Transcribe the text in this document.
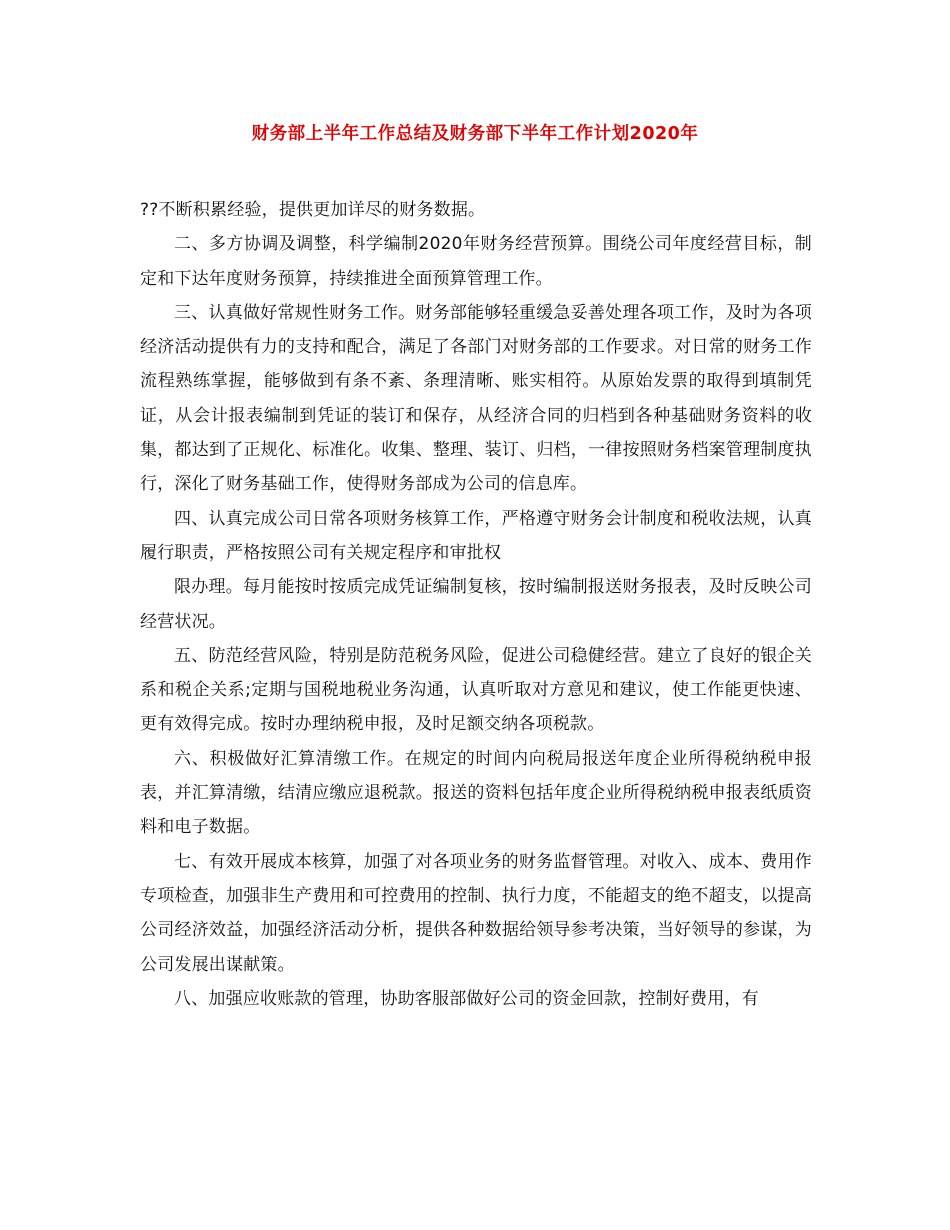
财务部上半年工作总结及财务部下半年工作计划2020年

??不断积累经验，提供更加详尽的财务数据。

二、多方协调及调整，科学编制2020年财务经营预算。围绕公司年度经营目标，制定和下达年度财务预算，持续推进全面预算管理工作。

三、认真做好常规性财务工作。财务部能够轻重缓急妥善处理各项工作，及时为各项经济活动提供有力的支持和配合，满足了各部门对财务部的工作要求。对日常的财务工作流程熟练掌握，能够做到有条不紊、条理清晰、账实相符。从原始发票的取得到填制凭证，从会计报表编制到凭证的装订和保存，从经济合同的归档到各种基础财务资料的收集，都达到了正规化、标准化。收集、整理、装订、归档，一律按照财务档案管理制度执行，深化了财务基础工作，使得财务部成为公司的信息库。

四、认真完成公司日常各项财务核算工作，严格遵守财务会计制度和税收法规，认真履行职责，严格按照公司有关规定程序和审批权

限办理。每月能按时按质完成凭证编制复核，按时编制报送财务报表，及时反映公司经营状况。

五、防范经营风险，特别是防范税务风险，促进公司稳健经营。建立了良好的银企关系和税企关系;定期与国税地税业务沟通，认真听取对方意见和建议，使工作能更快速、更有效得完成。按时办理纳税申报，及时足额交纳各项税款。

六、积极做好汇算清缴工作。在规定的时间内向税局报送年度企业所得税纳税申报表，并汇算清缴，结清应缴应退税款。报送的资料包括年度企业所得税纳税申报表纸质资料和电子数据。

七、有效开展成本核算，加强了对各项业务的财务监督管理。对收入、成本、费用作专项检查，加强非生产费用和可控费用的控制、执行力度，不能超支的绝不超支，以提高公司经济效益，加强经济活动分析，提供各种数据给领导参考决策，当好领导的参谋，为公司发展出谋献策。

八、加强应收账款的管理，协助客服部做好公司的资金回款，控制好费用，有
